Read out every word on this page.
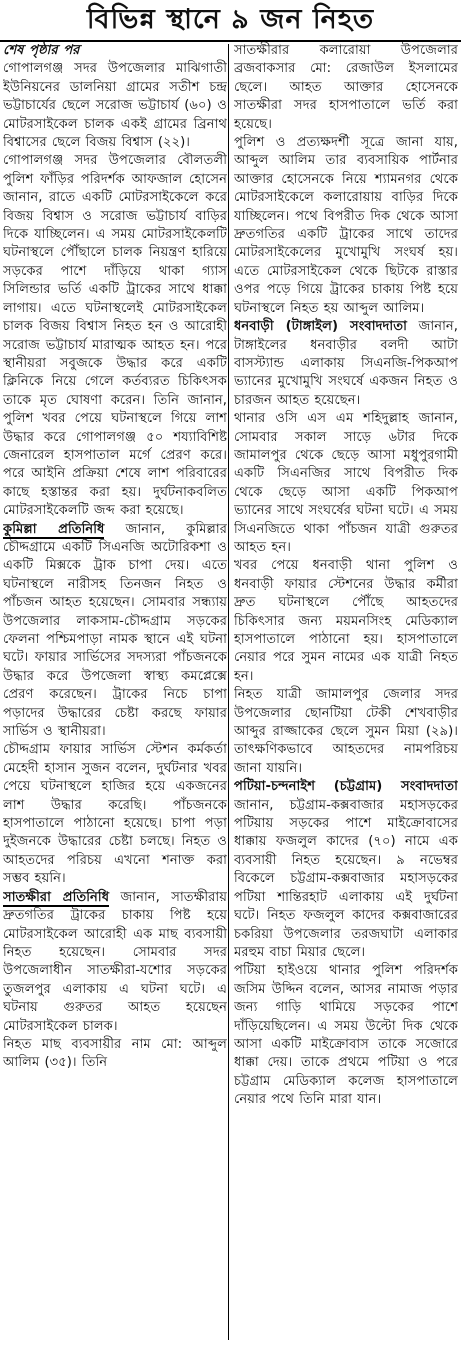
বিভিন্ন স্থানে ৯ জন নিহত

শেষ পৃষ্ঠার পর

গোপালগঞ্জ সদর উপজেলার মাঝিগাতী ইউনিয়নের ডালনিয়া গ্রামের সতীশ চন্দ্র ভট্টাচার্যের ছেলে সরোজ ভট্টাচার্য (৬০) ও মোটরসাইকেল চালক একই গ্রামের ব্রিনাথ বিশ্বাসের ছেলে বিজয় বিশ্বাস (২২)।

গোপালগঞ্জ সদর উপজেলার বৌলতলী পুলিশ ফাঁড়ির পরিদর্শক আফজাল হোসেন জানান, রাতে একটি মোটরসাইকেলে করে বিজয় বিশ্বাস ও সরোজ ভট্টাচার্য বাড়ির দিকে যাচ্ছিলেন। এ সময় মোটরসাইকেলটি ঘটনাস্থলে পৌঁছালে চালক নিয়ন্ত্রণ হারিয়ে সড়কের পাশে দাঁড়িয়ে থাকা গ্যাস সিলিন্ডার ভর্তি একটি ট্রাকের সাথে ধাক্কা লাগায়। এতে ঘটনাস্থলেই মোটরসাইকেল চালক বিজয় বিশ্বাস নিহত হন ও আরোহী সরোজ ভট্টাচার্য মারাত্মক আহত হন। পরে স্থানীয়রা সবুজকে উদ্ধার করে একটি ক্লিনিকে নিয়ে গেলে কর্তব্যরত চিকিৎসক তাকে মৃত ঘোষণা করেন। তিনি জানান, পুলিশ খবর পেয়ে ঘটনাস্থলে গিয়ে লাশ উদ্ধার করে গোপালগঞ্জ ৫০ শয্যাবিশিষ্ট জেনারেল হাসপাতাল মর্গে প্রেরণ করে। পরে আইনি প্রক্রিয়া শেষে লাশ পরিবারের কাছে হস্তান্তর করা হয়। দুর্ঘটনাকবলিত মোটরসাইকেলটি জব্দ করা হয়েছে।

কুমিল্লা প্রতিনিধি জানান, কুমিল্লার চৌদ্দগ্রামে একটি সিএনজি অটোরিকশা ও একটি মিক্সকে ট্রাক চাপা দেয়। এতে ঘটনাস্থলে নারীসহ তিনজন নিহত ও পাঁচজন আহত হয়েছেন। সোমবার সন্ধ্যায় উপজেলার লাকসাম-চৌদ্দগ্রাম সড়কের ফেলনা পশ্চিমপাড়া নামক স্থানে এই ঘটনা ঘটে। ফায়ার সার্ভিসের সদস্যরা পাঁচজনকে উদ্ধার করে উপজেলা স্বাস্থ্য কমপ্লেক্সে প্রেরণ করেছেন। ট্রাকের নিচে চাপা পড়াদের উদ্ধারের চেষ্টা করছে ফায়ার সার্ভিস ও স্থানীয়রা।

চৌদ্দগ্রাম ফায়ার সার্ভিস স্টেশন কর্মকর্তা মেহেদী হাসান সুজন বলেন, দুর্ঘটনার খবর পেয়ে ঘটনাস্থলে হাজির হয়ে একজনের লাশ উদ্ধার করেছি। পাঁচজনকে হাসপাতালে পাঠানো হয়েছে। চাপা পড়া দুইজনকে উদ্ধারের চেষ্টা চলছে। নিহত ও আহতদের পরিচয় এখনো শনাক্ত করা সম্ভব হয়নি।

সাতক্ষীরা প্রতিনিধি জানান, সাতক্ষীরায় দ্রুতগতির ট্রাকের চাকায় পিষ্ট হয়ে মোটরসাইকেল আরোহী এক মাছ ব্যবসায়ী নিহত হয়েছেন। সোমবার সদর উপজেলাধীন সাতক্ষীরা-যশোর সড়কের তুজলপুর এলাকায় এ ঘটনা ঘটে। এ ঘটনায় গুরুতর আহত হয়েছেন মোটরসাইকেল চালক।

নিহত মাছ ব্যবসায়ীর নাম মো: আব্দুল আলিম (৩৫)। তিনি

সাতক্ষীরার কলারোয়া উপজেলার ব্রজবাকসার মো: রেজাউল ইসলামের ছেলে। আহত আক্তার হোসেনকে সাতক্ষীরা সদর হাসপাতালে ভর্তি করা হয়েছে।

পুলিশ ও প্রত্যক্ষদর্শী সূত্রে জানা যায়, আব্দুল আলিম তার ব্যবসায়িক পার্টনার আক্তার হোসেনকে নিয়ে শ্যামনগর থেকে মোটরসাইকেলে কলারোয়ায় বাড়ির দিকে যাচ্ছিলেন। পথে বিপরীত দিক থেকে আসা দ্রুতগতির একটি ট্রাকের সাথে তাদের মোটরসাইকেলের মুখোমুখি সংঘর্ষ হয়। এতে মোটরসাইকেল থেকে ছিটকে রাস্তার ওপর পড়ে গিয়ে ট্রাকের চাকায় পিষ্ট হয়ে ঘটনাস্থলে নিহত হয় আব্দুল আলিম।

ধনবাড়ী (টাঙ্গাইল) সংবাদদাতা জানান, টাঙ্গাইলের ধনবাড়ীর বলদী আটা বাসস্ট্যান্ড এলাকায় সিএনজি-পিকআপ ভ্যানের মুখোমুখি সংঘর্ষে একজন নিহত ও চারজন আহত হয়েছেন।

থানার ওসি এস এম শহিদুল্লাহ জানান, সোমবার সকাল সাড়ে ৬টার দিকে জামালপুর থেকে ছেড়ে আসা মধুপুরগামী একটি সিএনজির সাথে বিপরীত দিক থেকে ছেড়ে আসা একটি পিকআপ ভ্যানের সাথে সংঘর্ষের ঘটনা ঘটে। এ সময় সিএনজিতে থাকা পাঁচজন যাত্রী গুরুতর আহত হন।

খবর পেয়ে ধনবাড়ী থানা পুলিশ ও ধনবাড়ী ফায়ার স্টেশনের উদ্ধার কর্মীরা দ্রুত ঘটনাস্থলে পৌঁছে আহতদের চিকিৎসার জন্য ময়মনসিংহ মেডিক্যাল হাসপাতালে পাঠানো হয়। হাসপাতালে নেয়ার পরে সুমন নামের এক যাত্রী নিহত হন।

নিহত যাত্রী জামালপুর জেলার সদর উপজেলার ছোনটিয়া টেকী শেখবাড়ীর আব্দুর রাজ্জাকের ছেলে সুমন মিয়া (২৯)। তাৎক্ষণিকভাবে আহতদের নামপরিচয় জানা যায়নি।

পটিয়া-চন্দনাইশ (চট্টগ্রাম) সংবাদদাতা জানান, চট্টগ্রাম-কক্সবাজার মহাসড়কের পটিয়ায় সড়কের পাশে মাইক্রোবাসের ধাক্কায় ফজলুল কাদের (৭০) নামে এক ব্যবসায়ী নিহত হয়েছেন। ৯ নভেম্বর বিকেলে চট্টগ্রাম-কক্সবাজার মহাসড়কের পটিয়া শান্তিরহাট এলাকায় এই দুর্ঘটনা ঘটে। নিহত ফজলুল কাদের কক্সবাজারের চকরিয়া উপজেলার তরজঘাটা এলাকার মরহুম বাচা মিয়ার ছেলে।

পটিয়া হাইওয়ে থানার পুলিশ পরিদর্শক জসিম উদ্দিন বলেন, আসর নামাজ পড়ার জন্য গাড়ি থামিয়ে সড়কের পাশে দাঁড়িয়েছিলেন। এ সময় উল্টো দিক থেকে আসা একটি মাইক্রোবাস তাকে সজোরে ধাক্কা দেয়। তাকে প্রথমে পটিয়া ও পরে চট্টগ্রাম মেডিক্যাল কলেজ হাসপাতালে নেয়ার পথে তিনি মারা যান।
